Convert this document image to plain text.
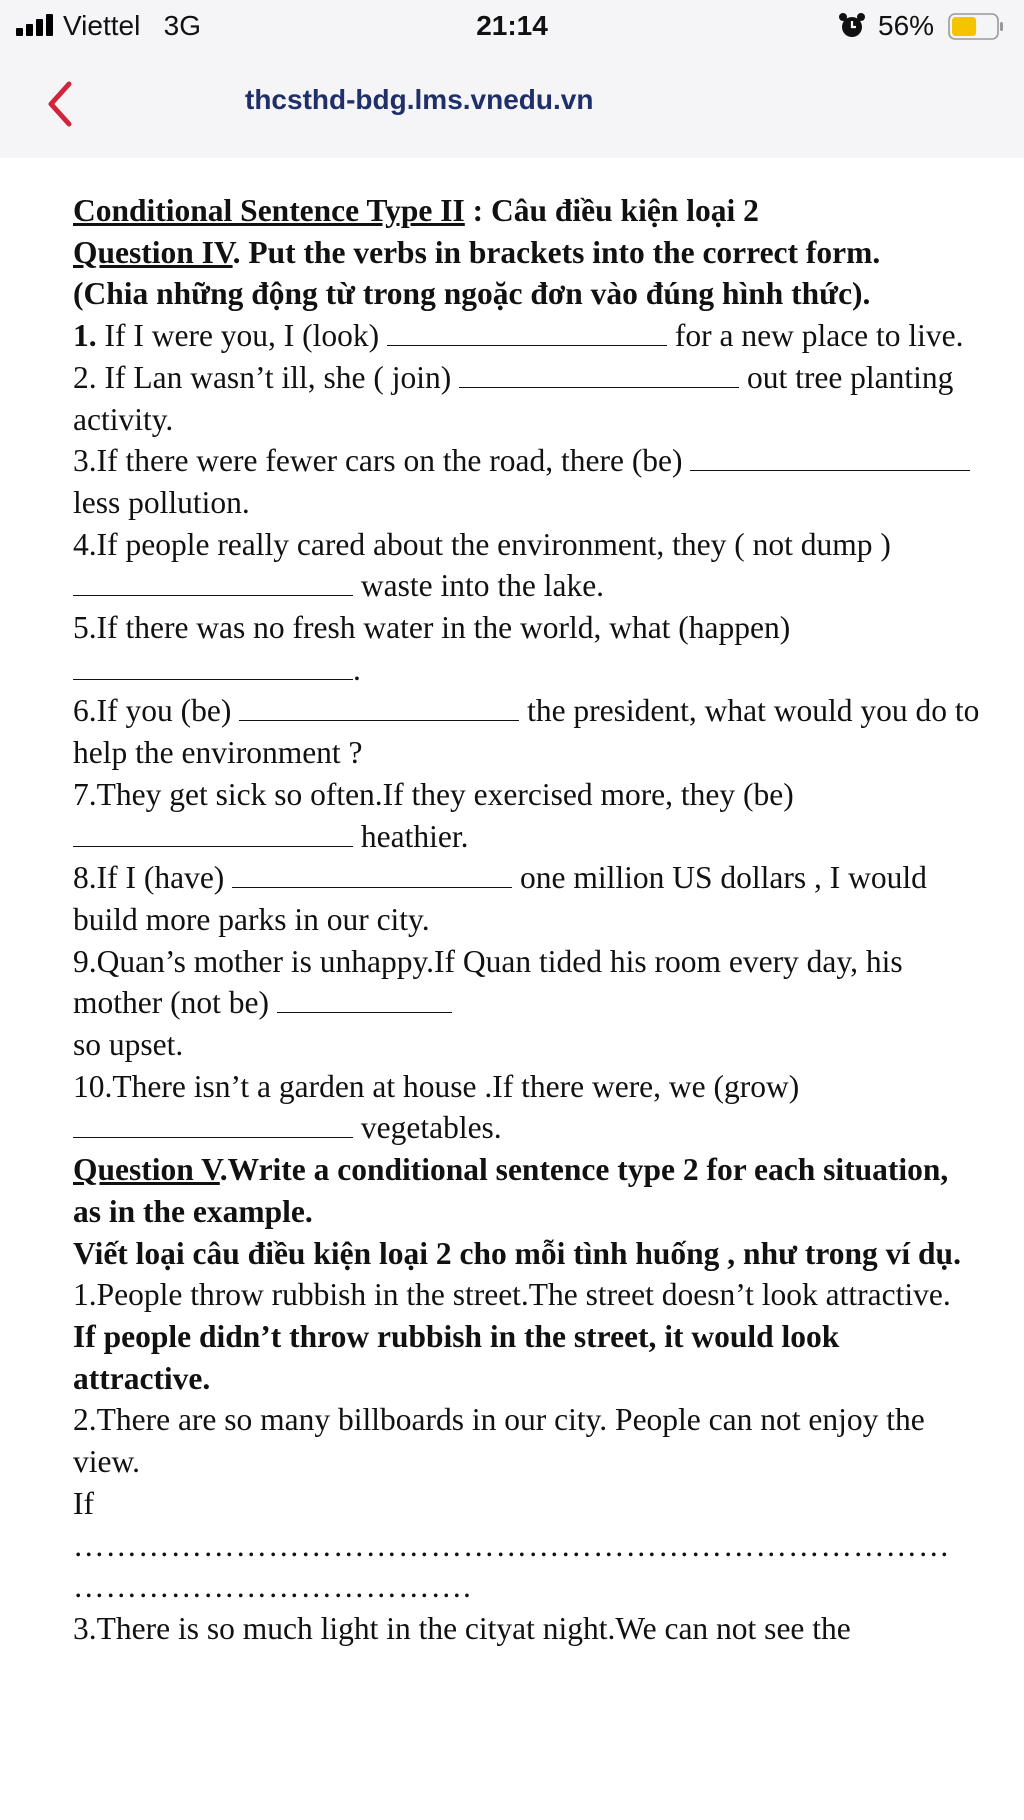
Viettel 3G	21:14	56%
thcsthd-bdg.lms.vnedu.vn

Conditional Sentence Type II : Câu điều kiện loại 2

Question IV. Put the verbs in brackets into the correct form.

(Chia những động từ trong ngoặc đơn vào đúng hình thức).

1. If I were you, I (look)	for a new place to live.

2. If Lan wasn’t ill, she ( join)	out tree planting activity.

3.If there were fewer cars on the road, there (be)  less pollution.

4.If people really cared about the environment, they ( not dump )  waste into the lake.

5.If there was no fresh water in the world, what (happen) .

6.If you (be)	the president, what would you do to help the environment ?

7.They get sick so often.If they exercised more, they (be)  heathier.

8.If I (have)	one million US dollars , I would build more parks in our city.

9.Quan’s mother is unhappy.If Quan tided his room every day, his mother (not be)

so upset.

10.There isn’t a garden at house .If there were, we (grow)  vegetables.

Question V.Write a conditional sentence type 2 for each situation, as in the example.

Viết loại câu điều kiện loại 2 cho mỗi tình huống , như trong ví dụ.

1.People throw rubbish in the street.The street doesn’t look attractive.

If people didn’t throw rubbish in the street, it would look attractive.

2.There are so many billboards in our city. People can not enjoy the view.

If

………………………………………………………………………

……………………………….

3.There is so much light in the cityat night.We can not see the
